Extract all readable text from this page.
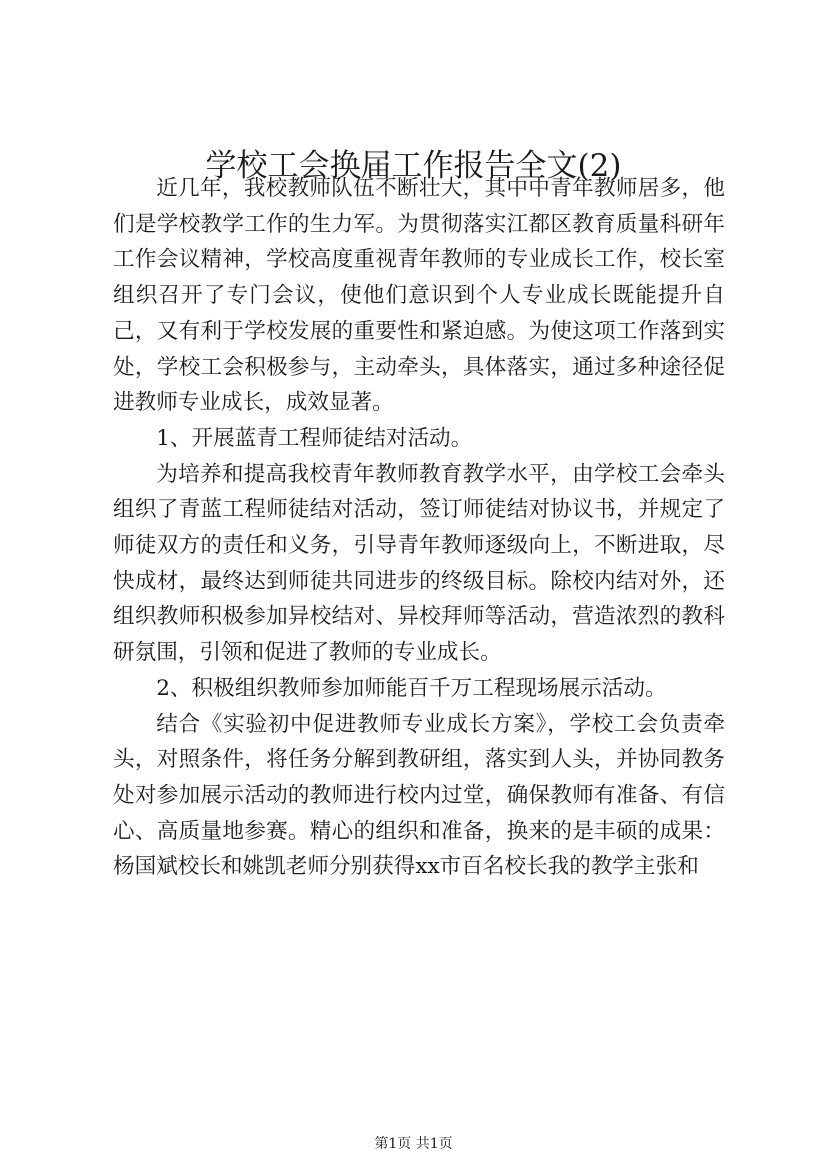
学校工会换届工作报告全文(2)

近几年，我校教师队伍不断壮大，其中中青年教师居多，他们是学校教学工作的生力军。为贯彻落实江都区教育质量科研年工作会议精神，学校高度重视青年教师的专业成长工作，校长室组织召开了专门会议，使他们意识到个人专业成长既能提升自己，又有利于学校发展的重要性和紧迫感。为使这项工作落到实处，学校工会积极参与，主动牵头，具体落实，通过多种途径促进教师专业成长，成效显著。

1、开展蓝青工程师徒结对活动。

为培养和提高我校青年教师教育教学水平，由学校工会牵头组织了青蓝工程师徒结对活动，签订师徒结对协议书，并规定了师徒双方的责任和义务，引导青年教师逐级向上，不断进取，尽快成材，最终达到师徒共同进步的终级目标。除校内结对外，还组织教师积极参加异校结对、异校拜师等活动，营造浓烈的教科研氛围，引领和促进了教师的专业成长。

2、积极组织教师参加师能百千万工程现场展示活动。

结合《实验初中促进教师专业成长方案》，学校工会负责牵头，对照条件，将任务分解到教研组，落实到人头，并协同教务处对参加展示活动的教师进行校内过堂，确保教师有准备、有信心、高质量地参赛。精心的组织和准备，换来的是丰硕的成果：杨国斌校长和姚凯老师分别获得xx市百名校长我的教学主张和

第1页 共1页
